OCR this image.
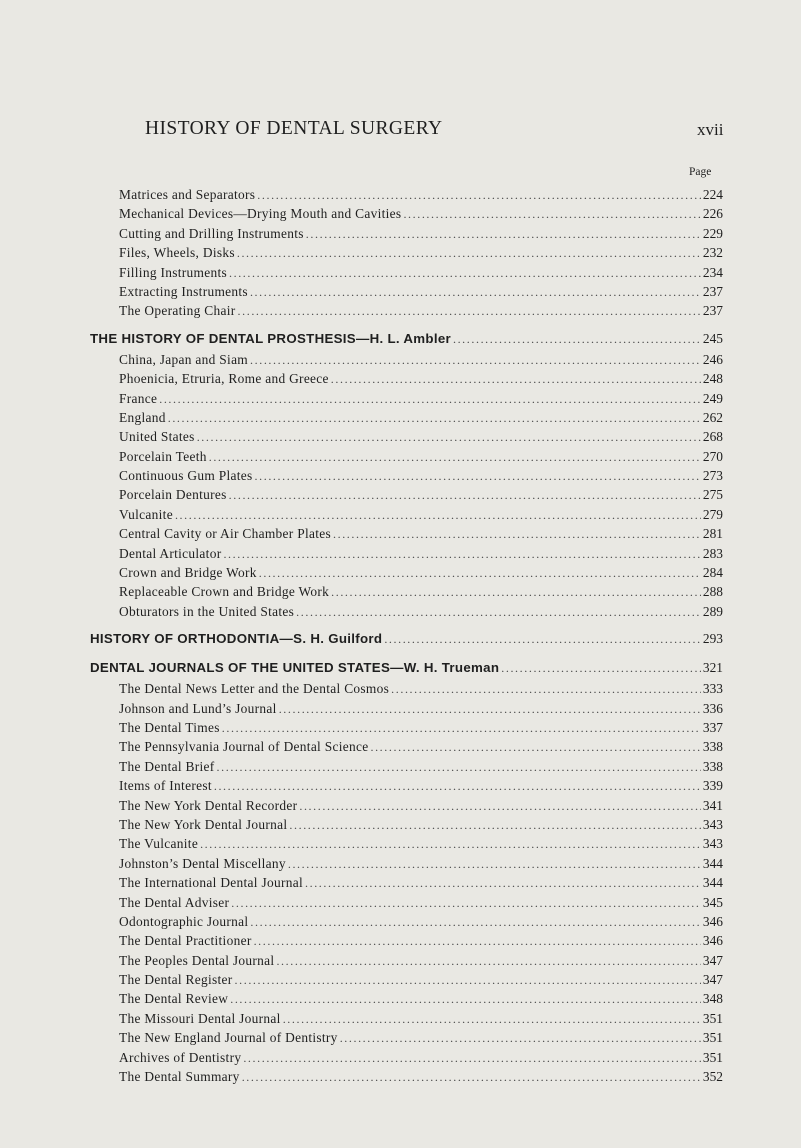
HISTORY OF DENTAL SURGERY	xvii
Page
Matrices and Separators .....	224
Mechanical Devices—Drying Mouth and Cavities .....	226
Cutting and Drilling Instruments .....	229
Files, Wheels, Disks .....	232
Filling Instruments .....	234
Extracting Instruments .....	237
The Operating Chair .....	237
THE HISTORY OF DENTAL PROSTHESIS—H. L. Ambler .....	245
China, Japan and Siam .....	246
Phoenicia, Etruria, Rome and Greece .....	248
France .....	249
England .....	262
United States .....	268
Porcelain Teeth .....	270
Continuous Gum Plates .....	273
Porcelain Dentures .....	275
Vulcanite .....	279
Central Cavity or Air Chamber Plates .....	281
Dental Articulator .....	283
Crown and Bridge Work .....	284
Replaceable Crown and Bridge Work .....	288
Obturators in the United States .....	289
HISTORY OF ORTHODONTIA—S. H. Guilford .....	293
DENTAL JOURNALS OF THE UNITED STATES—W. H. Trueman .....	321
The Dental News Letter and the Dental Cosmos .....	333
Johnson and Lund’s Journal .....	336
The Dental Times .....	337
The Pennsylvania Journal of Dental Science .....	338
The Dental Brief .....	338
Items of Interest .....	339
The New York Dental Recorder .....	341
The New York Dental Journal .....	343
The Vulcanite .....	343
Johnston’s Dental Miscellany .....	344
The International Dental Journal .....	344
The Dental Adviser .....	345
Odontographic Journal .....	346
The Dental Practitioner .....	346
The Peoples Dental Journal .....	347
The Dental Register .....	347
The Dental Review .....	348
The Missouri Dental Journal .....	351
The New England Journal of Dentistry .....	351
Archives of Dentistry .....	351
The Dental Summary .....	352
